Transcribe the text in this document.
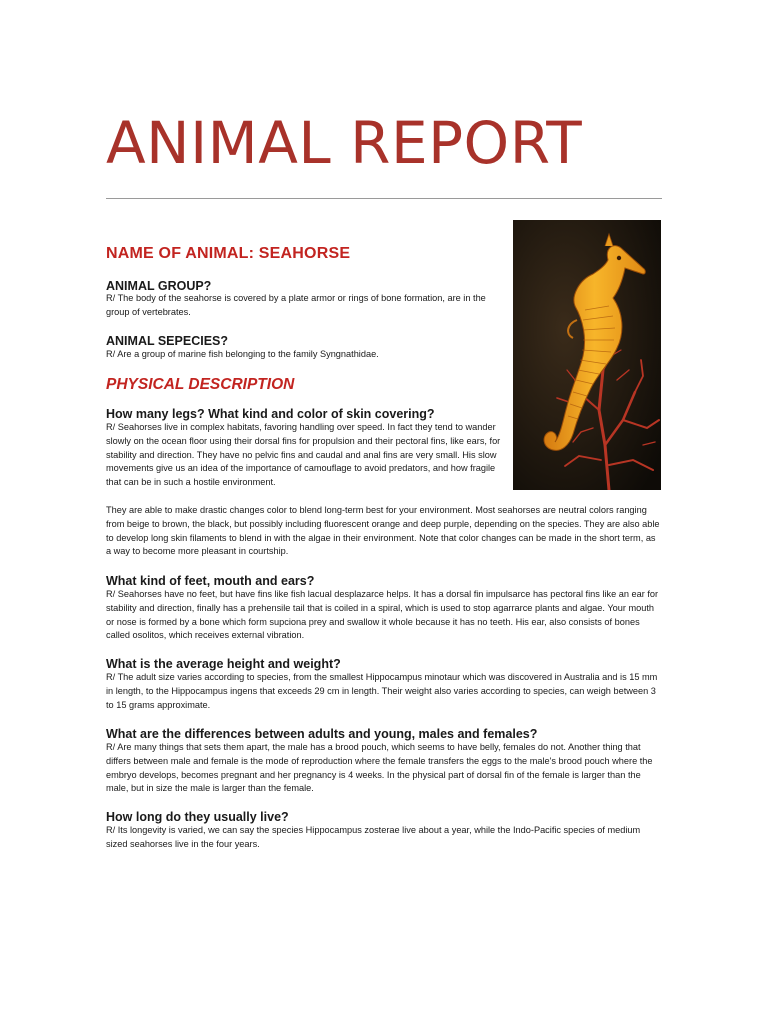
ANIMAL REPORT
NAME OF ANIMAL: SEAHORSE
ANIMAL GROUP?

R/ The body of the seahorse is covered by a plate armor or rings of bone formation, are in the group of vertebrates.

ANIMAL SEPECIES?

R/ Are a group of marine fish belonging to the family Syngnathidae.

PHYSICAL DESCRIPTION
How many legs? What kind and color of skin covering?

R/ Seahorses live in complex habitats, favoring handling over speed. In fact they tend to wander slowly on the ocean floor using their dorsal fins for propulsion and their pectoral fins, like ears, for stability and direction. They have no pelvic fins and caudal and anal fins are very small. His slow movements give us an idea of the importance of camouflage to avoid predators, and how fragile that can be in such a hostile environment.

They are able to make drastic changes color to blend long-term best for your environment. Most seahorses are neutral colors ranging from beige to brown, the black, but possibly including fluorescent orange and deep purple, depending on the species. They are also able to develop long skin filaments to blend in with the algae in their environment. Note that color changes can be made in the short term, as a way to become more pleasant in courtship.

What kind of feet, mouth and ears?

R/ Seahorses have no feet, but have fins like fish lacual desplazarce helps. It has a dorsal fin impulsarce has pectoral fins like an ear for stability and direction, finally has a prehensile tail that is coiled in a spiral, which is used to stop agarrarce plants and algae. Your mouth or nose is formed by a bone which form supciona prey and swallow it whole because it has no teeth. His ear, also consists of bones called osolitos, which receives external vibration.

What is the average height and weight?

R/ The adult size varies according to species, from the smallest Hippocampus minotaur which was discovered in Australia and is 15 mm in length, to the Hippocampus ingens that exceeds 29 cm in length. Their weight also varies according to species, can weigh between 3 to 15 grams approximate.

What are the differences between adults and young, males and females?

R/ Are many things that sets them apart, the male has a brood pouch, which seems to have belly, females do not. Another thing that differs between male and female is the mode of reproduction where the female transfers the eggs to the male's brood pouch where the embryo develops, becomes pregnant and her pregnancy is 4 weeks. In the physical part of dorsal fin of the female is larger than the male, but in size the male is larger than the female.

How long do they usually live?

R/ Its longevity is varied, we can say the species Hippocampus zosterae live about a year, while the Indo-Pacific species of medium sized seahorses live in the four years.
